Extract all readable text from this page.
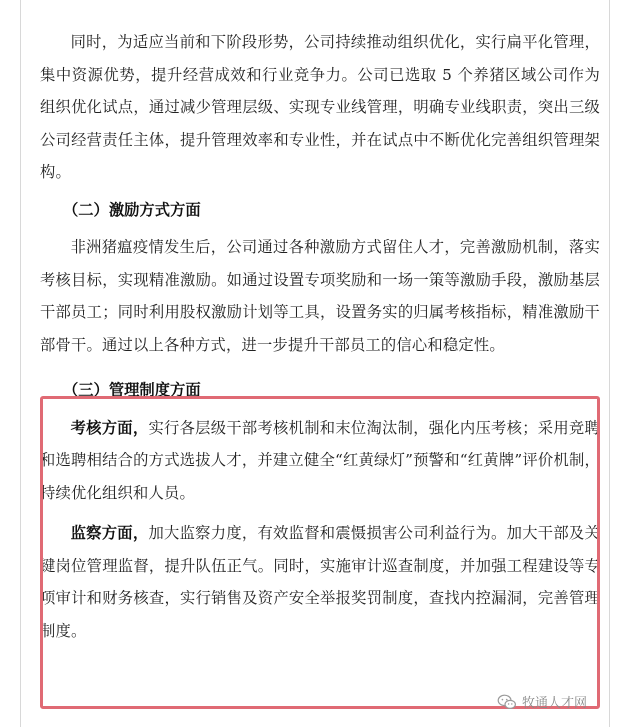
同时，为适应当前和下阶段形势，公司持续推动组织优化，实行扁平化管理，集中资源优势，提升经营成效和行业竞争力。公司已选取 5 个养猪区域公司作为组织优化试点，通过减少管理层级、实现专业线管理，明确专业线职责，突出三级公司经营责任主体，提升管理效率和专业性，并在试点中不断优化完善组织管理架构。

（二）激励方式方面

非洲猪瘟疫情发生后，公司通过各种激励方式留住人才，完善激励机制，落实考核目标，实现精准激励。如通过设置专项奖励和一场一策等激励手段，激励基层干部员工；同时利用股权激励计划等工具，设置务实的归属考核指标，精准激励干部骨干。通过以上各种方式，进一步提升干部员工的信心和稳定性。

（三）管理制度方面

考核方面，实行各层级干部考核机制和末位淘汰制，强化内压考核；采用竞聘和选聘相结合的方式选拔人才，并建立健全“红黄绿灯”预警和“红黄牌”评价机制，持续优化组织和人员。

监察方面，加大监察力度，有效监督和震慑损害公司利益行为。加大干部及关键岗位管理监督，提升队伍正气。同时，实施审计巡查制度，并加强工程建设等专项审计和财务核查，实行销售及资产安全举报奖罚制度，查找内控漏洞，完善管理制度。

牧通人才网
